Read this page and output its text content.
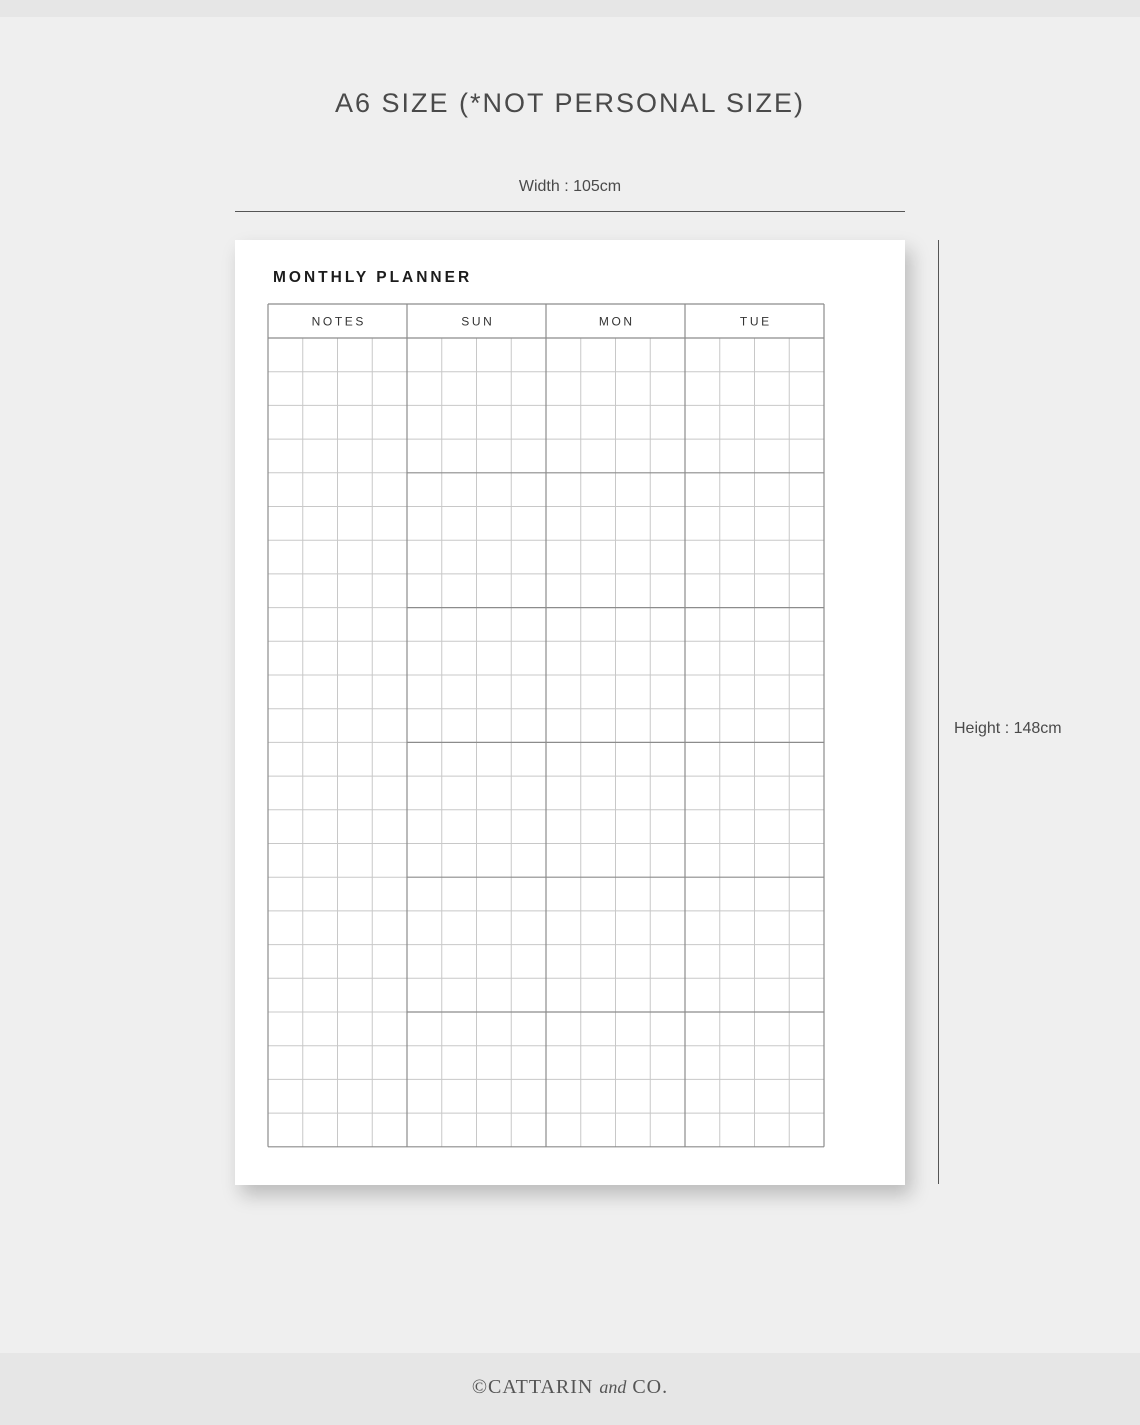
A6 SIZE (*NOT PERSONAL SIZE)
Width : 105cm
Height : 148cm
MONTHLY PLANNER
NOTES	SUN	MON	TUE
©CATTARIN and CO.
